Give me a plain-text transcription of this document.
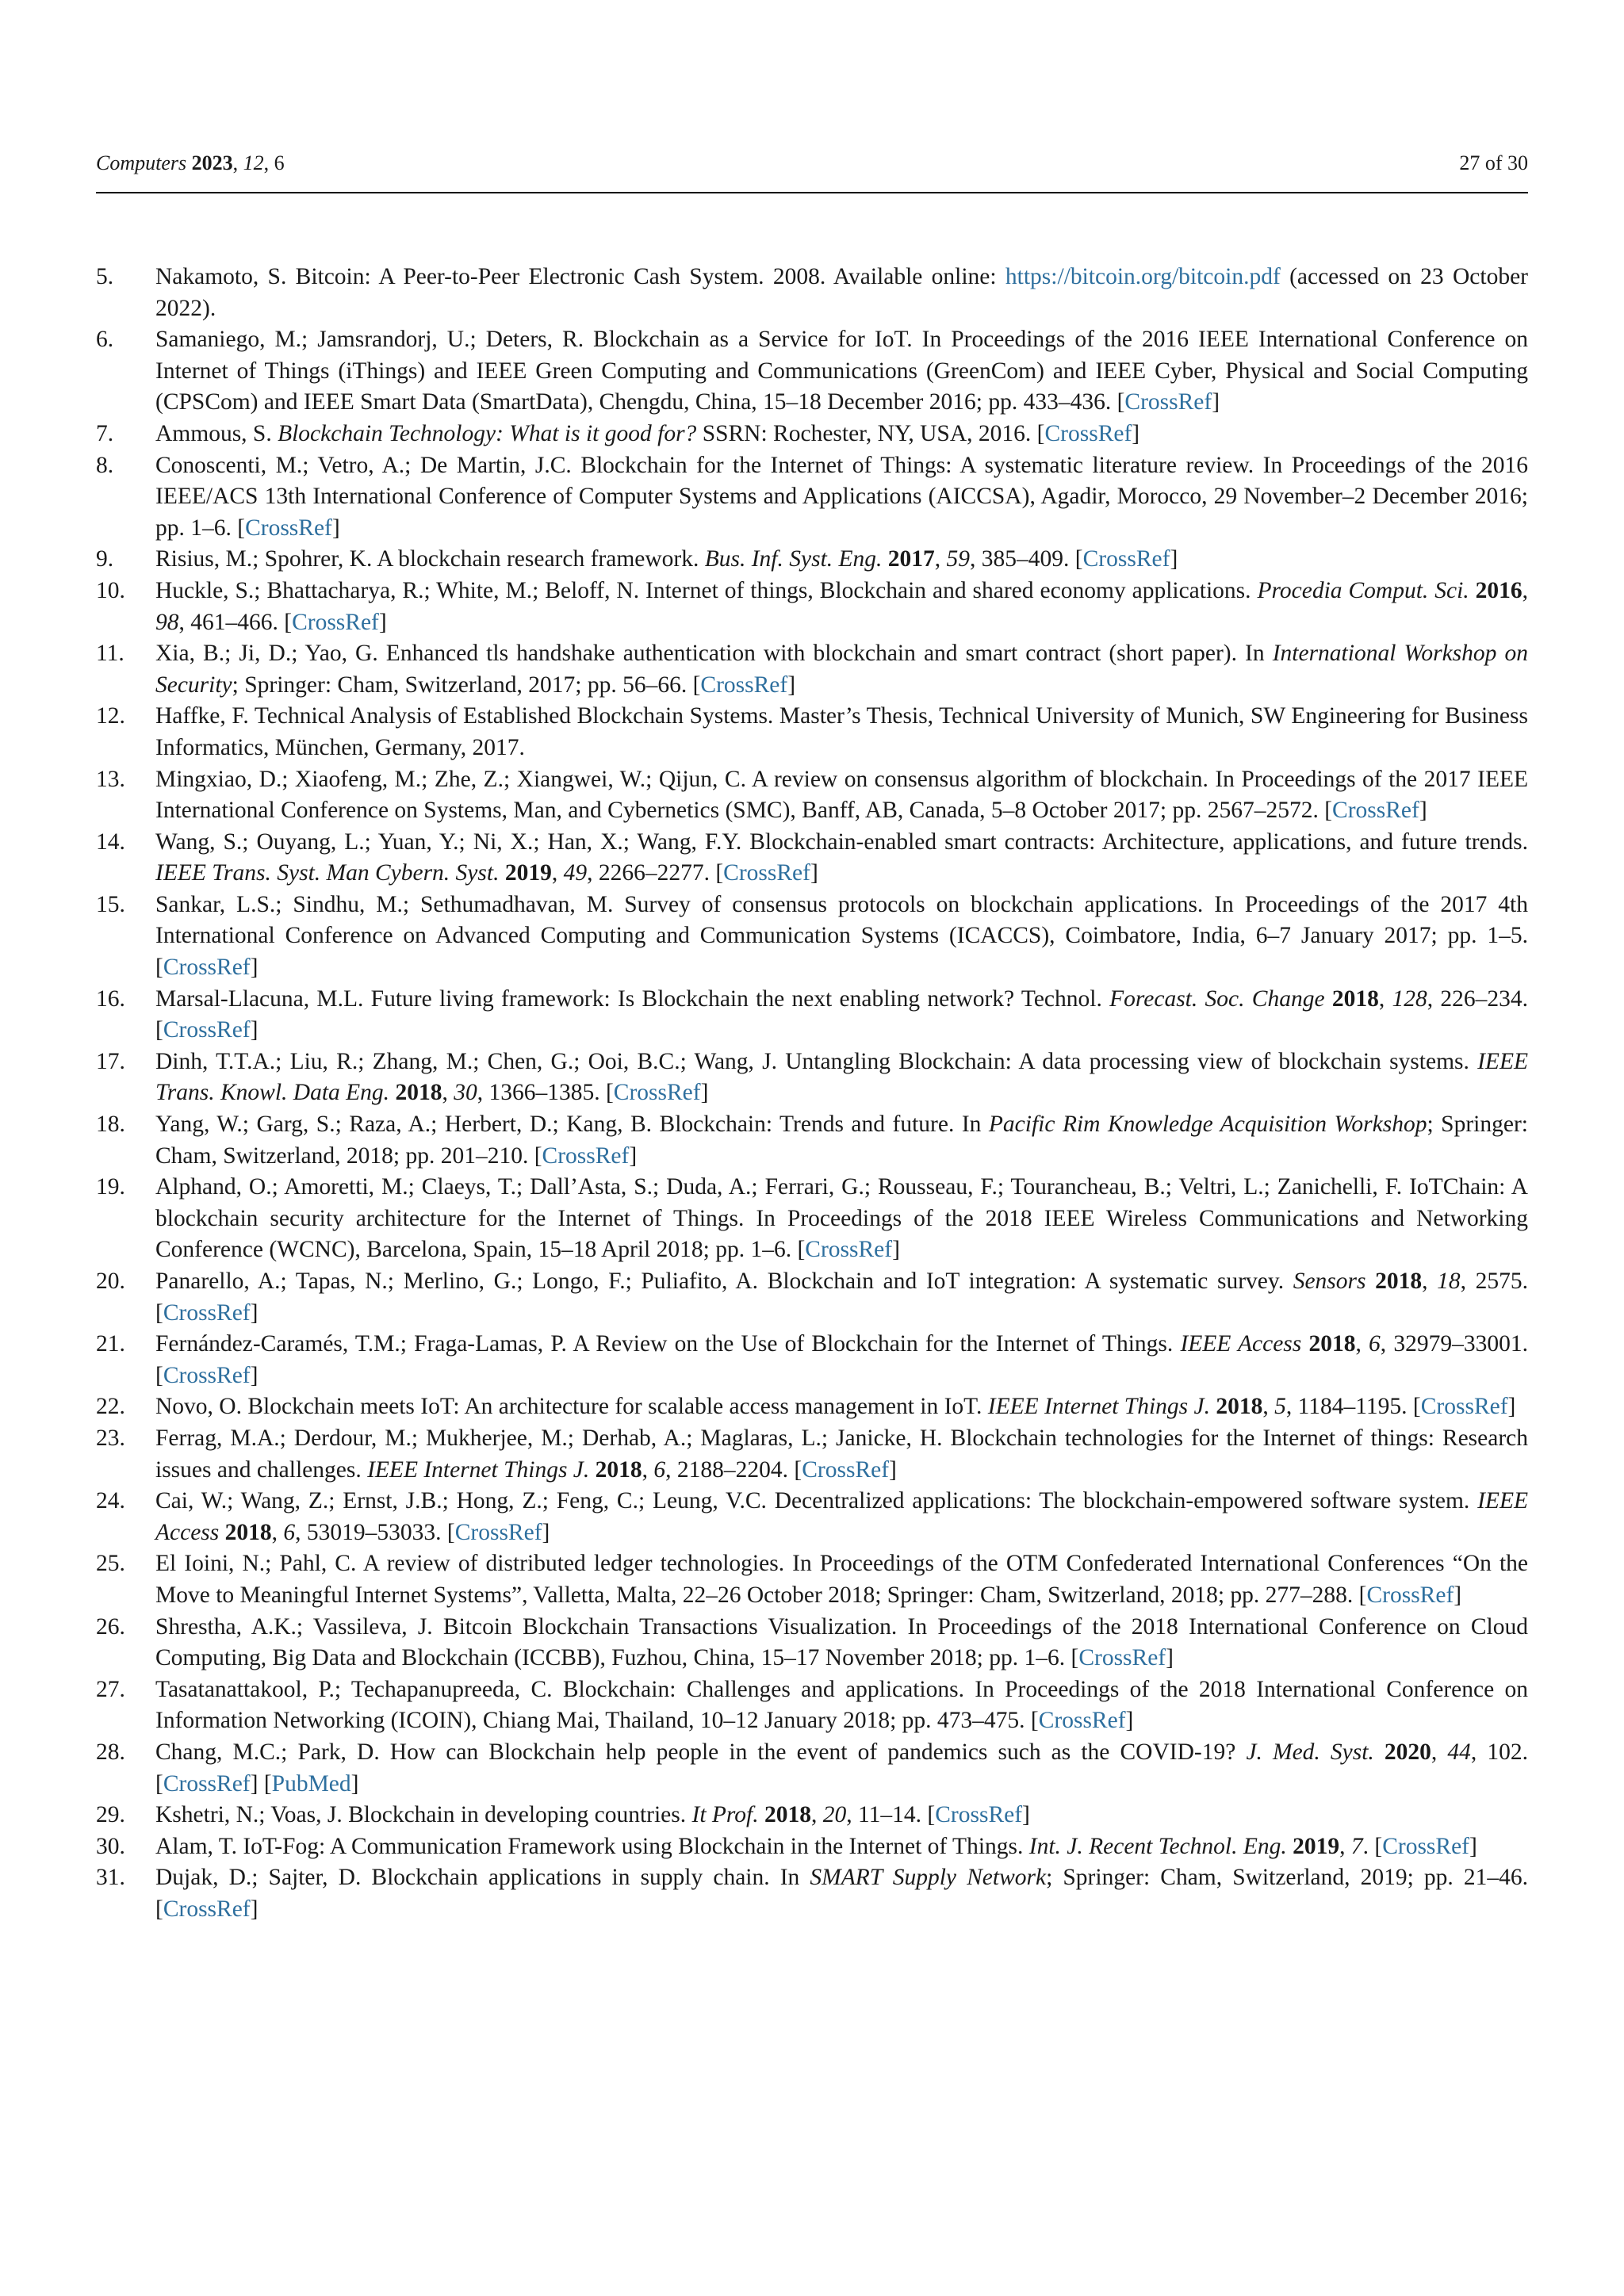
Computers 2023, 12, 6	27 of 30
5. Nakamoto, S. Bitcoin: A Peer-to-Peer Electronic Cash System. 2008. Available online: https://bitcoin.org/bitcoin.pdf (accessed on 23 October 2022).
6. Samaniego, M.; Jamsrandorj, U.; Deters, R. Blockchain as a Service for IoT. In Proceedings of the 2016 IEEE International Conference on Internet of Things (iThings) and IEEE Green Computing and Communications (GreenCom) and IEEE Cyber, Physical and Social Computing (CPSCom) and IEEE Smart Data (SmartData), Chengdu, China, 15–18 December 2016; pp. 433–436. [CrossRef]
7. Ammous, S. Blockchain Technology: What is it good for? SSRN: Rochester, NY, USA, 2016. [CrossRef]
8. Conoscenti, M.; Vetro, A.; De Martin, J.C. Blockchain for the Internet of Things: A systematic literature review. In Proceedings of the 2016 IEEE/ACS 13th International Conference of Computer Systems and Applications (AICCSA), Agadir, Morocco, 29 November–2 December 2016; pp. 1–6. [CrossRef]
9. Risius, M.; Spohrer, K. A blockchain research framework. Bus. Inf. Syst. Eng. 2017, 59, 385–409. [CrossRef]
10. Huckle, S.; Bhattacharya, R.; White, M.; Beloff, N. Internet of things, Blockchain and shared economy applications. Procedia Comput. Sci. 2016, 98, 461–466. [CrossRef]
11. Xia, B.; Ji, D.; Yao, G. Enhanced tls handshake authentication with blockchain and smart contract (short paper). In International Workshop on Security; Springer: Cham, Switzerland, 2017; pp. 56–66. [CrossRef]
12. Haffke, F. Technical Analysis of Established Blockchain Systems. Master’s Thesis, Technical University of Munich, SW Engineering for Business Informatics, München, Germany, 2017.
13. Mingxiao, D.; Xiaofeng, M.; Zhe, Z.; Xiangwei, W.; Qijun, C. A review on consensus algorithm of blockchain. In Proceedings of the 2017 IEEE International Conference on Systems, Man, and Cybernetics (SMC), Banff, AB, Canada, 5–8 October 2017; pp. 2567–2572. [CrossRef]
14. Wang, S.; Ouyang, L.; Yuan, Y.; Ni, X.; Han, X.; Wang, F.Y. Blockchain-enabled smart contracts: Architecture, applications, and future trends. IEEE Trans. Syst. Man Cybern. Syst. 2019, 49, 2266–2277. [CrossRef]
15. Sankar, L.S.; Sindhu, M.; Sethumadhavan, M. Survey of consensus protocols on blockchain applications. In Proceedings of the 2017 4th International Conference on Advanced Computing and Communication Systems (ICACCS), Coimbatore, India, 6–7 January 2017; pp. 1–5. [CrossRef]
16. Marsal-Llacuna, M.L. Future living framework: Is Blockchain the next enabling network? Technol. Forecast. Soc. Change 2018, 128, 226–234. [CrossRef]
17. Dinh, T.T.A.; Liu, R.; Zhang, M.; Chen, G.; Ooi, B.C.; Wang, J. Untangling Blockchain: A data processing view of blockchain systems. IEEE Trans. Knowl. Data Eng. 2018, 30, 1366–1385. [CrossRef]
18. Yang, W.; Garg, S.; Raza, A.; Herbert, D.; Kang, B. Blockchain: Trends and future. In Pacific Rim Knowledge Acquisition Workshop; Springer: Cham, Switzerland, 2018; pp. 201–210. [CrossRef]
19. Alphand, O.; Amoretti, M.; Claeys, T.; Dall’Asta, S.; Duda, A.; Ferrari, G.; Rousseau, F.; Tourancheau, B.; Veltri, L.; Zanichelli, F. IoTChain: A blockchain security architecture for the Internet of Things. In Proceedings of the 2018 IEEE Wireless Communications and Networking Conference (WCNC), Barcelona, Spain, 15–18 April 2018; pp. 1–6. [CrossRef]
20. Panarello, A.; Tapas, N.; Merlino, G.; Longo, F.; Puliafito, A. Blockchain and IoT integration: A systematic survey. Sensors 2018, 18, 2575. [CrossRef]
21. Fernández-Caramés, T.M.; Fraga-Lamas, P. A Review on the Use of Blockchain for the Internet of Things. IEEE Access 2018, 6, 32979–33001. [CrossRef]
22. Novo, O. Blockchain meets IoT: An architecture for scalable access management in IoT. IEEE Internet Things J. 2018, 5, 1184–1195. [CrossRef]
23. Ferrag, M.A.; Derdour, M.; Mukherjee, M.; Derhab, A.; Maglaras, L.; Janicke, H. Blockchain technologies for the Internet of things: Research issues and challenges. IEEE Internet Things J. 2018, 6, 2188–2204. [CrossRef]
24. Cai, W.; Wang, Z.; Ernst, J.B.; Hong, Z.; Feng, C.; Leung, V.C. Decentralized applications: The blockchain-empowered software system. IEEE Access 2018, 6, 53019–53033. [CrossRef]
25. El Ioini, N.; Pahl, C. A review of distributed ledger technologies. In Proceedings of the OTM Confederated International Conferences “On the Move to Meaningful Internet Systems”, Valletta, Malta, 22–26 October 2018; Springer: Cham, Switzerland, 2018; pp. 277–288. [CrossRef]
26. Shrestha, A.K.; Vassileva, J. Bitcoin Blockchain Transactions Visualization. In Proceedings of the 2018 International Conference on Cloud Computing, Big Data and Blockchain (ICCBB), Fuzhou, China, 15–17 November 2018; pp. 1–6. [CrossRef]
27. Tasatanattakool, P.; Techapanupreeda, C. Blockchain: Challenges and applications. In Proceedings of the 2018 International Conference on Information Networking (ICOIN), Chiang Mai, Thailand, 10–12 January 2018; pp. 473–475. [CrossRef]
28. Chang, M.C.; Park, D. How can Blockchain help people in the event of pandemics such as the COVID-19? J. Med. Syst. 2020, 44, 102. [CrossRef] [PubMed]
29. Kshetri, N.; Voas, J. Blockchain in developing countries. It Prof. 2018, 20, 11–14. [CrossRef]
30. Alam, T. IoT-Fog: A Communication Framework using Blockchain in the Internet of Things. Int. J. Recent Technol. Eng. 2019, 7. [CrossRef]
31. Dujak, D.; Sajter, D. Blockchain applications in supply chain. In SMART Supply Network; Springer: Cham, Switzerland, 2019; pp. 21–46. [CrossRef]
